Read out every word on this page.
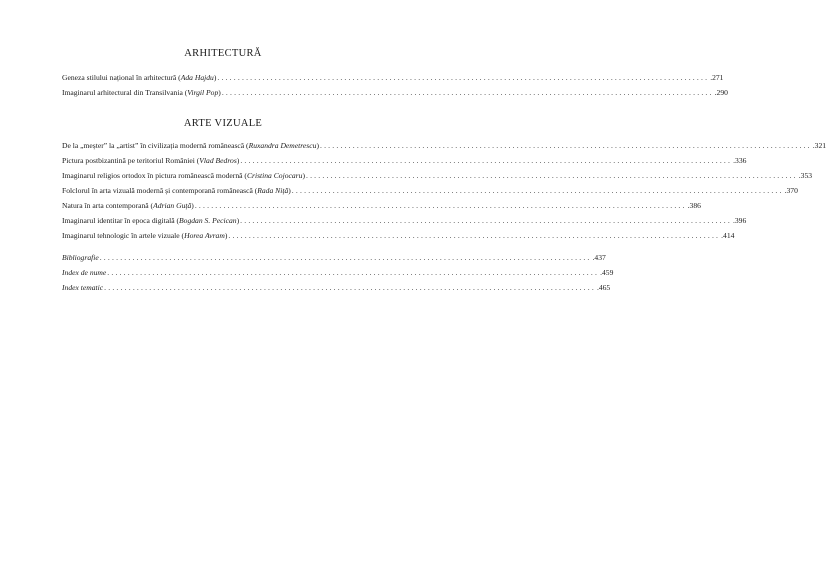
ARHITECTURĂ
Geneza stilului național în arhitectură (Ada Hajdu) ........................................................................................................................ .271
Imaginarul arhitectural din Transilvania (Virgil Pop) ........................................................................................................................ .290
ARTE VIZUALE
De la „meșter” la „artist” în civilizația modernă românească (Ruxandra Demetrescu) ........................................................................................................................ .321
Pictura postbizantină pe teritoriul României (Vlad Bedros) ........................................................................................................................ .336
Imaginarul religios ortodox în pictura românească modernă (Cristina Cojocaru) ........................................................................................................................ .353
Folclorul în arta vizuală modernă și contemporană românească (Rada Niță) ........................................................................................................................ .370
Natura în arta contemporană (Adrian Guță) ........................................................................................................................ .386
Imaginarul identitar în epoca digitală (Bogdan S. Pecican) ........................................................................................................................ .396
Imaginarul tehnologic în artele vizuale (Horea Avram) ........................................................................................................................ .414
Bibliografie ........................................................................................................................ .437
Index de nume ........................................................................................................................ .459
Index tematic ........................................................................................................................ .465
